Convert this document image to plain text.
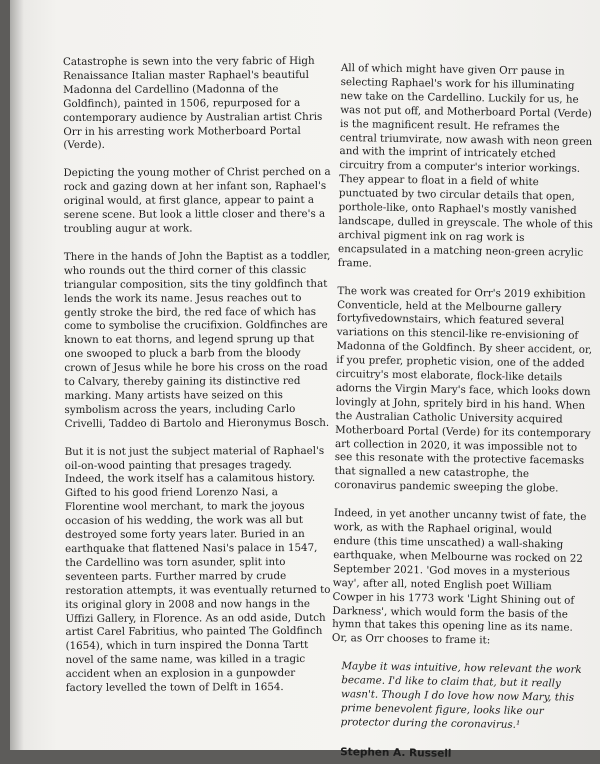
Catastrophe is sewn into the very fabric of High Renaissance Italian master Raphael's beautiful Madonna del Cardellino (Madonna of the Goldfinch), painted in 1506, repurposed for a contemporary audience by Australian artist Chris Orr in his arresting work Motherboard Portal (Verde).

Depicting the young mother of Christ perched on a rock and gazing down at her infant son, Raphael's original would, at first glance, appear to paint a serene scene. But look a little closer and there's a troubling augur at work.

There in the hands of John the Baptist as a toddler, who rounds out the third corner of this classic triangular composition, sits the tiny goldfinch that lends the work its name. Jesus reaches out to gently stroke the bird, the red face of which has come to symbolise the crucifixion. Goldfinches are known to eat thorns, and legend sprung up that one swooped to pluck a barb from the bloody crown of Jesus while he bore his cross on the road to Calvary, thereby gaining its distinctive red marking. Many artists have seized on this symbolism across the years, including Carlo Crivelli, Taddeo di Bartolo and Hieronymus Bosch.

But it is not just the subject material of Raphael's oil-on-wood painting that presages tragedy. Indeed, the work itself has a calamitous history. Gifted to his good friend Lorenzo Nasi, a Florentine wool merchant, to mark the joyous occasion of his wedding, the work was all but destroyed some forty years later. Buried in an earthquake that flattened Nasi's palace in 1547, the Cardellino was torn asunder, split into seventeen parts. Further marred by crude restoration attempts, it was eventually returned to its original glory in 2008 and now hangs in the Uffizi Gallery, in Florence. As an odd aside, Dutch artist Carel Fabritius, who painted The Goldfinch (1654), which in turn inspired the Donna Tartt novel of the same name, was killed in a tragic accident when an explosion in a gunpowder factory levelled the town of Delft in 1654.

All of which might have given Orr pause in selecting Raphael's work for his illuminating new take on the Cardellino. Luckily for us, he was not put off, and Motherboard Portal (Verde) is the magnificent result. He reframes the central triumvirate, now awash with neon green and with the imprint of intricately etched circuitry from a computer's interior workings. They appear to float in a field of white punctuated by two circular details that open, porthole-like, onto Raphael's mostly vanished landscape, dulled in greyscale. The whole of this archival pigment ink on rag work is encapsulated in a matching neon-green acrylic frame.

The work was created for Orr's 2019 exhibition Conventicle, held at the Melbourne gallery fortyfivedownstairs, which featured several variations on this stencil-like re-envisioning of Madonna of the Goldfinch. By sheer accident, or, if you prefer, prophetic vision, one of the added circuitry's most elaborate, flock-like details adorns the Virgin Mary's face, which looks down lovingly at John, spritely bird in his hand. When the Australian Catholic University acquired Motherboard Portal (Verde) for its contemporary art collection in 2020, it was impossible not to see this resonate with the protective facemasks that signalled a new catastrophe, the coronavirus pandemic sweeping the globe.

Indeed, in yet another uncanny twist of fate, the work, as with the Raphael original, would endure (this time unscathed) a wall-shaking earthquake, when Melbourne was rocked on 22 September 2021. 'God moves in a mysterious way', after all, noted English poet William Cowper in his 1773 work 'Light Shining out of Darkness', which would form the basis of the hymn that takes this opening line as its name. Or, as Orr chooses to frame it:

Maybe it was intuitive, how relevant the work became. I'd like to claim that, but it really wasn't. Though I do love how now Mary, this prime benevolent figure, looks like our protector during the coronavirus.¹

Stephen A. Russell
